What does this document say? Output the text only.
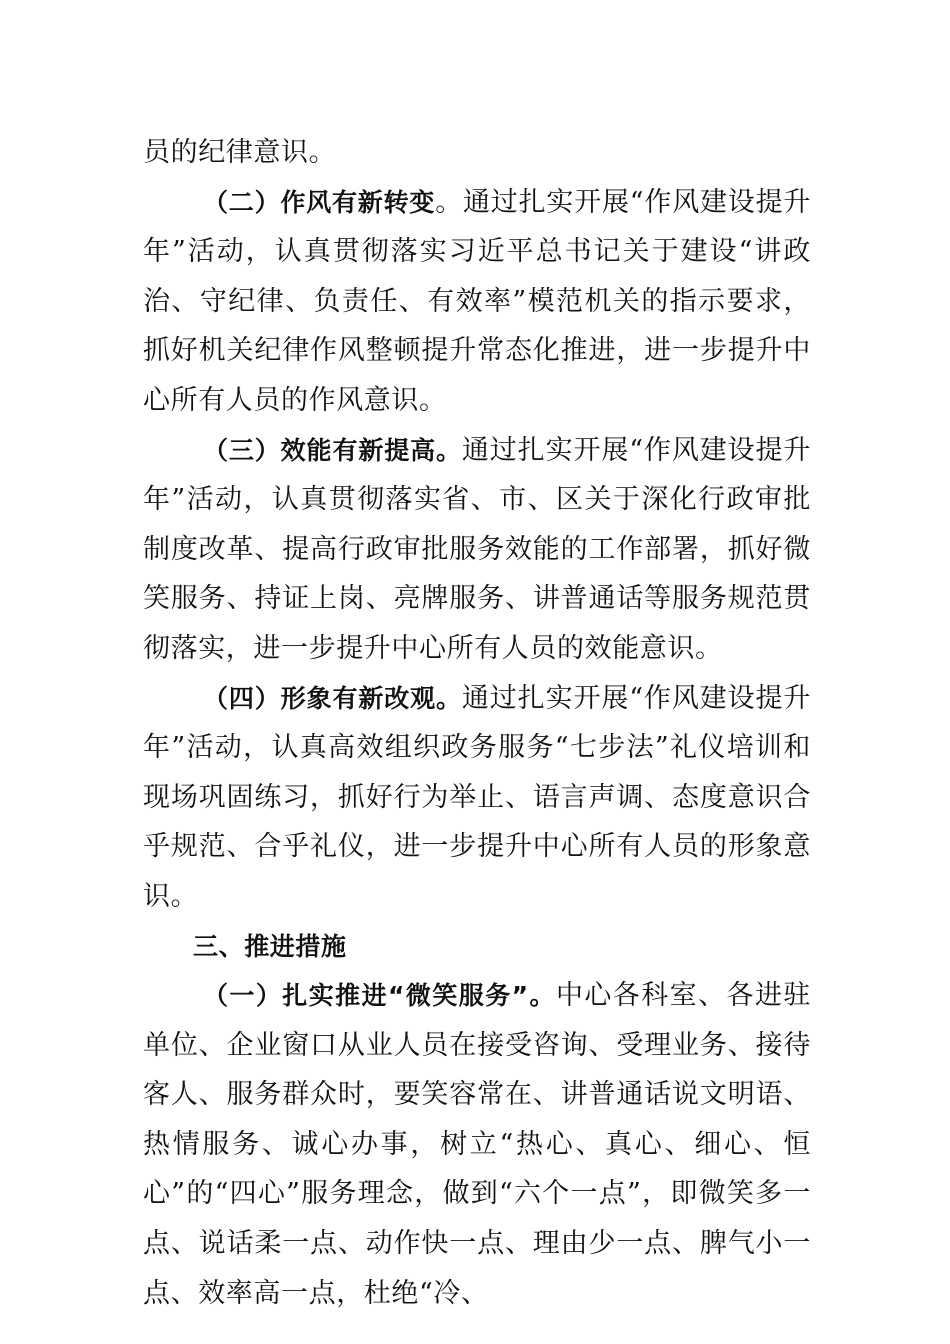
员的纪律意识。

（二）作风有新转变。通过扎实开展“作风建设提升年”活动，认真贯彻落实习近平总书记关于建设“讲政治、守纪律、负责任、有效率”模范机关的指示要求，抓好机关纪律作风整顿提升常态化推进，进一步提升中心所有人员的作风意识。

（三）效能有新提高。通过扎实开展“作风建设提升年”活动，认真贯彻落实省、市、区关于深化行政审批制度改革、提高行政审批服务效能的工作部署，抓好微笑服务、持证上岗、亮牌服务、讲普通话等服务规范贯彻落实，进一步提升中心所有人员的效能意识。

（四）形象有新改观。通过扎实开展“作风建设提升年”活动，认真高效组织政务服务“七步法”礼仪培训和现场巩固练习，抓好行为举止、语言声调、态度意识合乎规范、合乎礼仪，进一步提升中心所有人员的形象意识。

三、推进措施

（一）扎实推进“微笑服务”。中心各科室、各进驻单位、企业窗口从业人员在接受咨询、受理业务、接待客人、服务群众时，要笑容常在、讲普通话说文明语、热情服务、诚心办事，树立“热心、真心、细心、恒心”的“四心”服务理念，做到“六个一点”，即微笑多一点、说话柔一点、动作快一点、理由少一点、脾气小一点、效率高一点，杜绝“冷、
